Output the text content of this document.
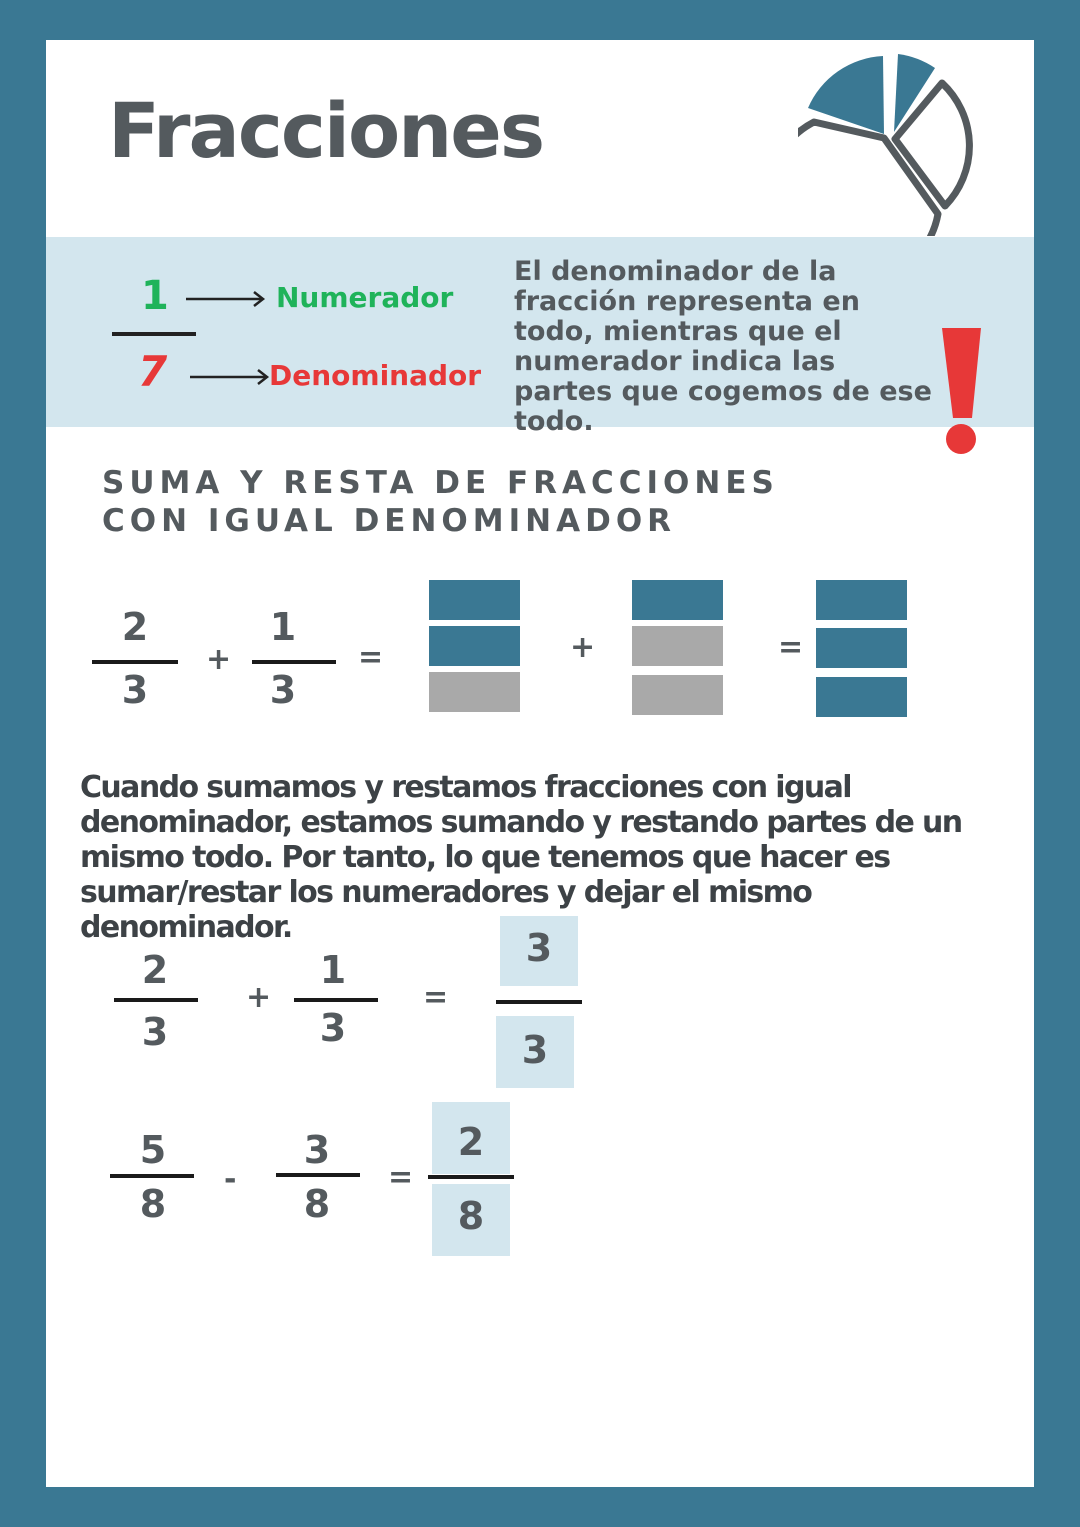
Fracciones
1
7
Numerador
Denominador
El denominador de la fracción representa en todo, mientras que el numerador indica las partes que cogemos de ese todo.
SUMA Y RESTA DE FRACCIONES CON IGUAL DENOMINADOR
2
3
+
1
3
=	+	=
Cuando sumamos y restamos fracciones con igual denominador, estamos sumando y restando partes de un mismo todo. Por tanto, lo que tenemos que hacer es sumar/restar los numeradores y dejar el mismo denominador.
2
3
+
1
3
=
3
3
5
8
-
3
8
=
2
8
